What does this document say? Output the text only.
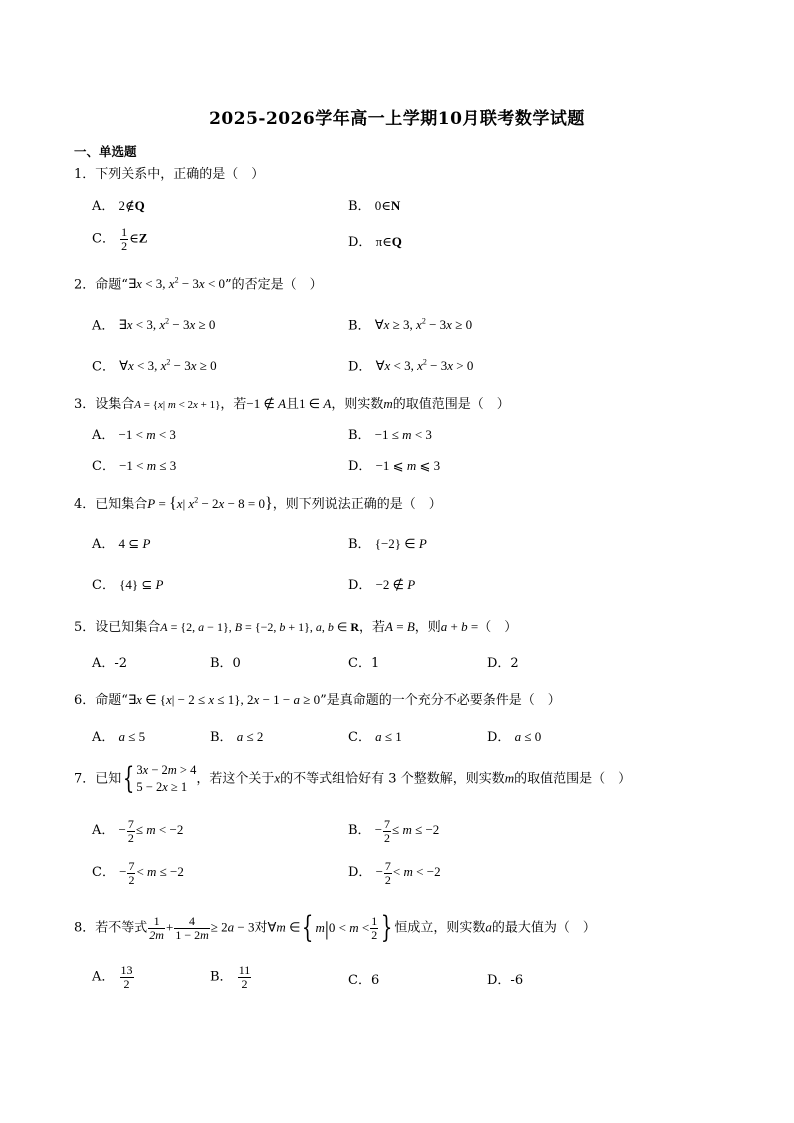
2025-2026学年高一上学期10月联考数学试题
一、单选题
1．下列关系中，正确的是（　）
A． 2∉Q	B． 0∈N
C． $\frac{1}{2}$ ∈Z	D． π∈Q
2．命题“∃x < 3, $x^2 - 3x < 0$”的否定是（　）
A． ∃x < 3, $x^2 - 3x \ge 0$	B． ∀x ≥ 3, $x^2 - 3x \ge 0$
C． ∀x < 3, $x^2 - 3x \ge 0$	D． ∀x < 3, $x^2 - 3x > 0$
3．设集合A = {x| m < 2x + 1}，若−1 ∉ A且1 ∈ A，则实数m的取值范围是（　）
A． −1 < m < 3	B． −1 ≤ m < 3
C． −1 < m ≤ 3	D． −1 ⩽ m ⩽ 3
4．已知集合P = {x| $x^2 - 2x - 8 = 0$}，则下列说法正确的是（　）
A． 4 ⊆ P	B． {−2} ∈ P
C． {4} ⊆ P	D． −2 ∉ P
5．设已知集合A = {2, a − 1}, B = {−2, b + 1}, a, b ∈ R，若A = B，则a + b =（　）
A．-2	B．0	C．1	D．2
6．命题“∃x ∈ {x| − 2 ≤ x ≤ 1}, 2x − 1 − a ≥ 0”是真命题的一个充分不必要条件是（　）
A． a ≤ 5	B． a ≤ 2	C． a ≤ 1	D． a ≤ 0
7．已知{ 3x − 2m > 4
5 − 2x ≥ 1
，若这个关于x的不等式组恰好有 3 个整数解，则实数m的取值范围是（　）
A． − $\frac{7}{2} \le m < -2$	B． − $\frac{7}{2} \le m \le -2$
C． − $\frac{7}{2} < m \le -2$	D． − $\frac{7}{2} < m < -2$
8．若不等式 $\frac{1}{2m} + \frac{4}{1 - 2m} \ge 2a - 3$对∀m ∈{ $m|0 < m < \frac{1}{2}$ } 恒成立，则实数a的最大值为（　）
A． $\frac{13}{2}$	B． $\frac{11}{2}$	C．6	D．-6
